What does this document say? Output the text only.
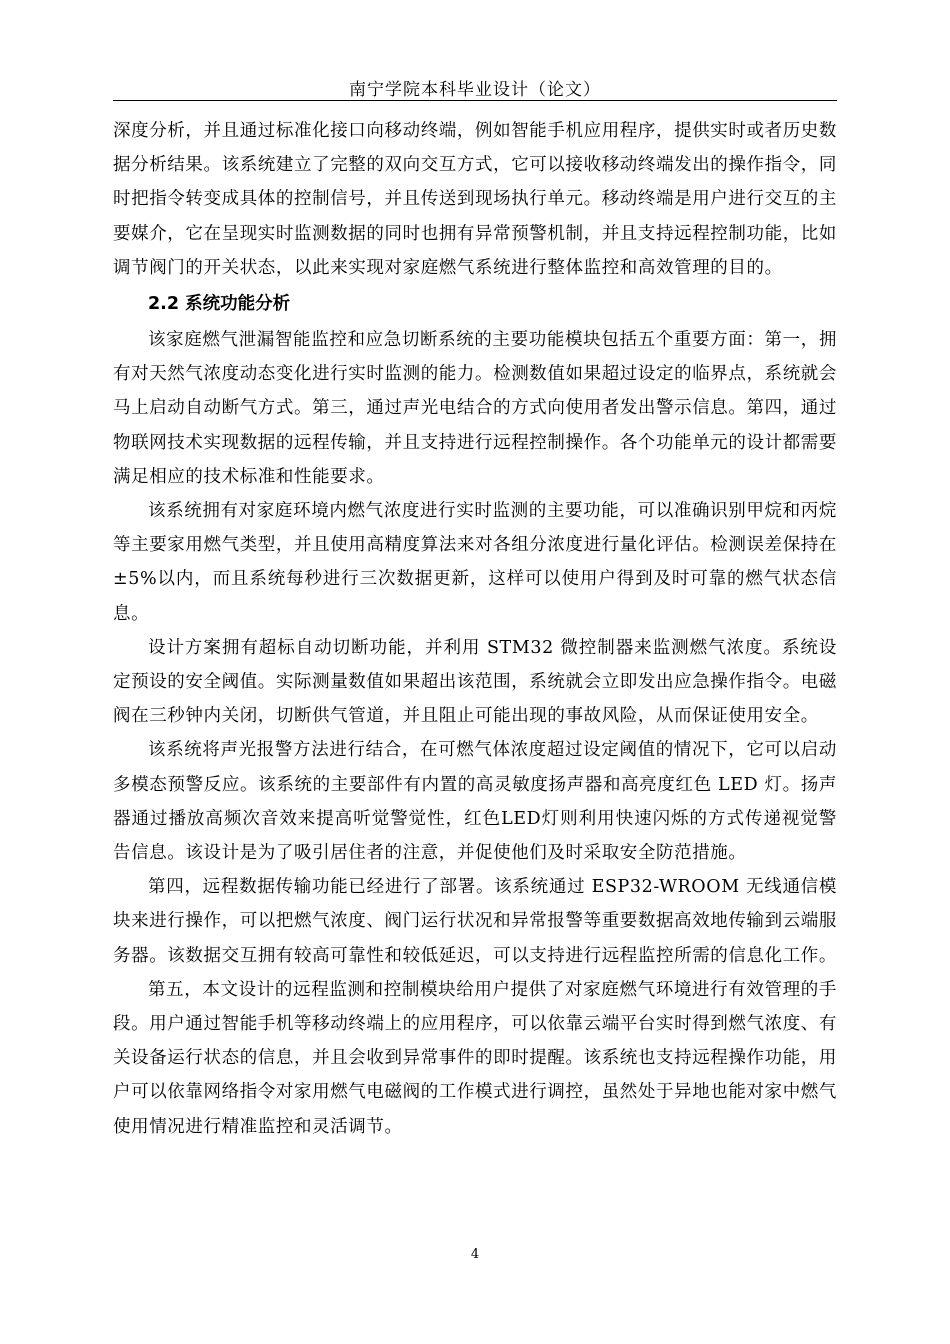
南宁学院本科毕业设计（论文）

深度分析，并且通过标准化接口向移动终端，例如智能手机应用程序，提供实时或者历史数据分析结果。该系统建立了完整的双向交互方式，它可以接收移动终端发出的操作指令，同时把指令转变成具体的控制信号，并且传送到现场执行单元。移动终端是用户进行交互的主要媒介，它在呈现实时监测数据的同时也拥有异常预警机制，并且支持远程控制功能，比如调节阀门的开关状态，以此来实现对家庭燃气系统进行整体监控和高效管理的目的。

2.2 系统功能分析

该家庭燃气泄漏智能监控和应急切断系统的主要功能模块包括五个重要方面：第一，拥有对天然气浓度动态变化进行实时监测的能力。检测数值如果超过设定的临界点，系统就会马上启动自动断气方式。第三，通过声光电结合的方式向使用者发出警示信息。第四，通过物联网技术实现数据的远程传输，并且支持进行远程控制操作。各个功能单元的设计都需要满足相应的技术标准和性能要求。

该系统拥有对家庭环境内燃气浓度进行实时监测的主要功能，可以准确识别甲烷和丙烷等主要家用燃气类型，并且使用高精度算法来对各组分浓度进行量化评估。检测误差保持在±5%以内，而且系统每秒进行三次数据更新，这样可以使用户得到及时可靠的燃气状态信息。

设计方案拥有超标自动切断功能，并利用 STM32 微控制器来监测燃气浓度。系统设定预设的安全阈值。实际测量数值如果超出该范围，系统就会立即发出应急操作指令。电磁阀在三秒钟内关闭，切断供气管道，并且阻止可能出现的事故风险，从而保证使用安全。

该系统将声光报警方法进行结合，在可燃气体浓度超过设定阈值的情况下，它可以启动多模态预警反应。该系统的主要部件有内置的高灵敏度扬声器和高亮度红色 LED 灯。扬声器通过播放高频次音效来提高听觉警觉性，红色LED灯则利用快速闪烁的方式传递视觉警告信息。该设计是为了吸引居住者的注意，并促使他们及时采取安全防范措施。

第四，远程数据传输功能已经进行了部署。该系统通过 ESP32-WROOM 无线通信模块来进行操作，可以把燃气浓度、阀门运行状况和异常报警等重要数据高效地传输到云端服务器。该数据交互拥有较高可靠性和较低延迟，可以支持进行远程监控所需的信息化工作。

第五，本文设计的远程监测和控制模块给用户提供了对家庭燃气环境进行有效管理的手段。用户通过智能手机等移动终端上的应用程序，可以依靠云端平台实时得到燃气浓度、有关设备运行状态的信息，并且会收到异常事件的即时提醒。该系统也支持远程操作功能，用户可以依靠网络指令对家用燃气电磁阀的工作模式进行调控，虽然处于异地也能对家中燃气使用情况进行精准监控和灵活调节。

4
